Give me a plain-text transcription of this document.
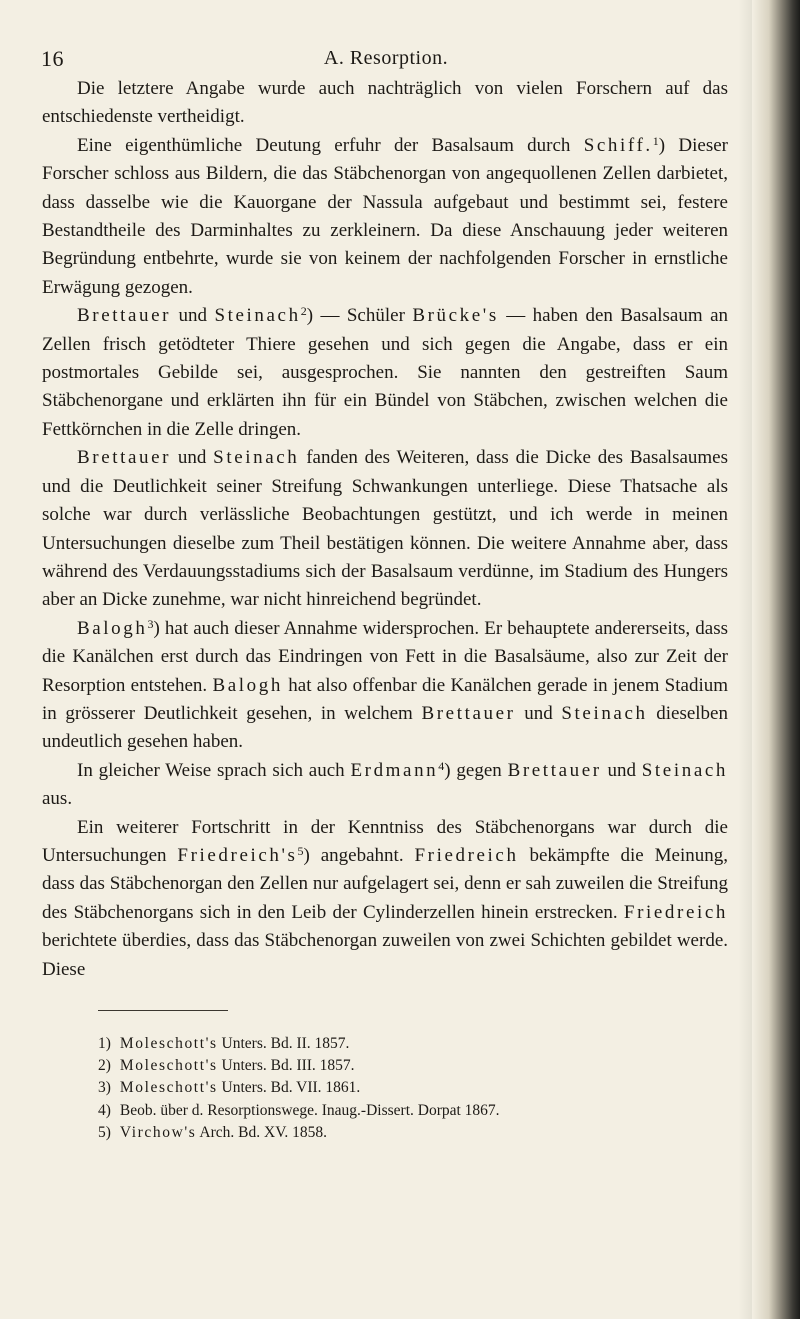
16	A. Resorption.

Die letztere Angabe wurde auch nachträglich von vielen Forschern auf das entschiedenste vertheidigt.

Eine eigenthümliche Deutung erfuhr der Basalsaum durch Schiff.$^1$) Dieser Forscher schloss aus Bildern, die das Stäbchenorgan von angequollenen Zellen darbietet, dass dasselbe wie die Kauorgane der Nassula aufgebaut und bestimmt sei, festere Bestandtheile des Darminhaltes zu zerkleinern. Da diese Anschauung jeder weiteren Begründung entbehrte, wurde sie von keinem der nachfolgenden Forscher in ernstliche Erwägung gezogen.

Brettauer und Steinach$^2$) — Schüler Brücke's — haben den Basalsaum an Zellen frisch getödteter Thiere gesehen und sich gegen die Angabe, dass er ein postmortales Gebilde sei, ausgesprochen. Sie nannten den gestreiften Saum Stäbchenorgane und erklärten ihn für ein Bündel von Stäbchen, zwischen welchen die Fettkörnchen in die Zelle dringen.

Brettauer und Steinach fanden des Weiteren, dass die Dicke des Basalsaumes und die Deutlichkeit seiner Streifung Schwankungen unterliege. Diese Thatsache als solche war durch verlässliche Beobachtungen gestützt, und ich werde in meinen Untersuchungen dieselbe zum Theil bestätigen können. Die weitere Annahme aber, dass während des Verdauungsstadiums sich der Basalsaum verdünne, im Stadium des Hungers aber an Dicke zunehme, war nicht hinreichend begründet.

Balogh$^3$) hat auch dieser Annahme widersprochen. Er behauptete andererseits, dass die Kanälchen erst durch das Eindringen von Fett in die Basalsäume, also zur Zeit der Resorption entstehen. Balogh hat also offenbar die Kanälchen gerade in jenem Stadium in grösserer Deutlichkeit gesehen, in welchem Brettauer und Steinach dieselben undeutlich gesehen haben.

In gleicher Weise sprach sich auch Erdmann$^4$) gegen Brettauer und Steinach aus.

Ein weiterer Fortschritt in der Kenntniss des Stäbchenorgans war durch die Untersuchungen $Friedreich's^5$) angebahnt. Friedreich bekämpfte die Meinung, dass das Stäbchenorgan den Zellen nur aufgelagert sei, denn er sah zuweilen die Streifung des Stäbchenorgans sich in den Leib der Cylinderzellen hinein erstrecken. Friedreich berichtete überdies, dass das Stäbchenorgan zuweilen von zwei Schichten gebildet werde. Diese

1) Moleschott's Unters. Bd. II. 1857.
2) Moleschott's Unters. Bd. III. 1857.
3) Moleschott's Unters. Bd. VII. 1861.
4) Beob. über d. Resorptionswege. Inaug.-Dissert. Dorpat 1867.
5) Virchow's Arch. Bd. XV. 1858.
